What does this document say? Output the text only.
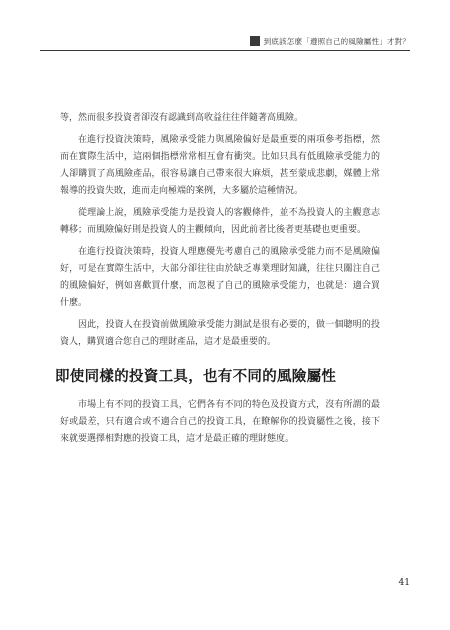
到底該怎麼「遵照自己的風險屬性」才對？

等，然而很多投資者卻沒有認識到高收益往往伴隨著高風險。

在進行投資決策時，風險承受能力與風險偏好是最重要的兩項參考指標，然而在實際生活中，這兩個指標常常相互會有衝突。比如只具有低風險承受能力的人卻購買了高風險產品，很容易讓自己帶來很大麻煩，甚至蒙成悲劇，媒體上常報導的投資失敗，進而走向極端的案例，大多屬於這種情況。

從理論上說，風險承受能力是投資人的客觀條件，並不為投資人的主觀意志轉移；而風險偏好則是投資人的主觀傾向，因此前者比後者更基礎也更重要。

在進行投資決策時，投資人理應優先考慮自己的風險承受能力而不是風險偏好，可是在實際生活中，大部分卻往往由於缺乏專業理財知識，往往只關注自己的風險偏好，例如喜歡買什麼，而忽視了自己的風險承受能力，也就是：適合買什麼。

因此，投資人在投資前做風險承受能力測試是很有必要的，做一個聰明的投資人，購買適合您自己的理財產品，這才是最重要的。

即使同樣的投資工具，也有不同的風險屬性

市場上有不同的投資工具，它們各有不同的特色及投資方式，沒有所謂的最好或最差，只有適合或不適合自己的投資工具，在瞭解你的投資屬性之後，接下來就要選擇相對應的投資工具，這才是最正確的理財態度。

41
